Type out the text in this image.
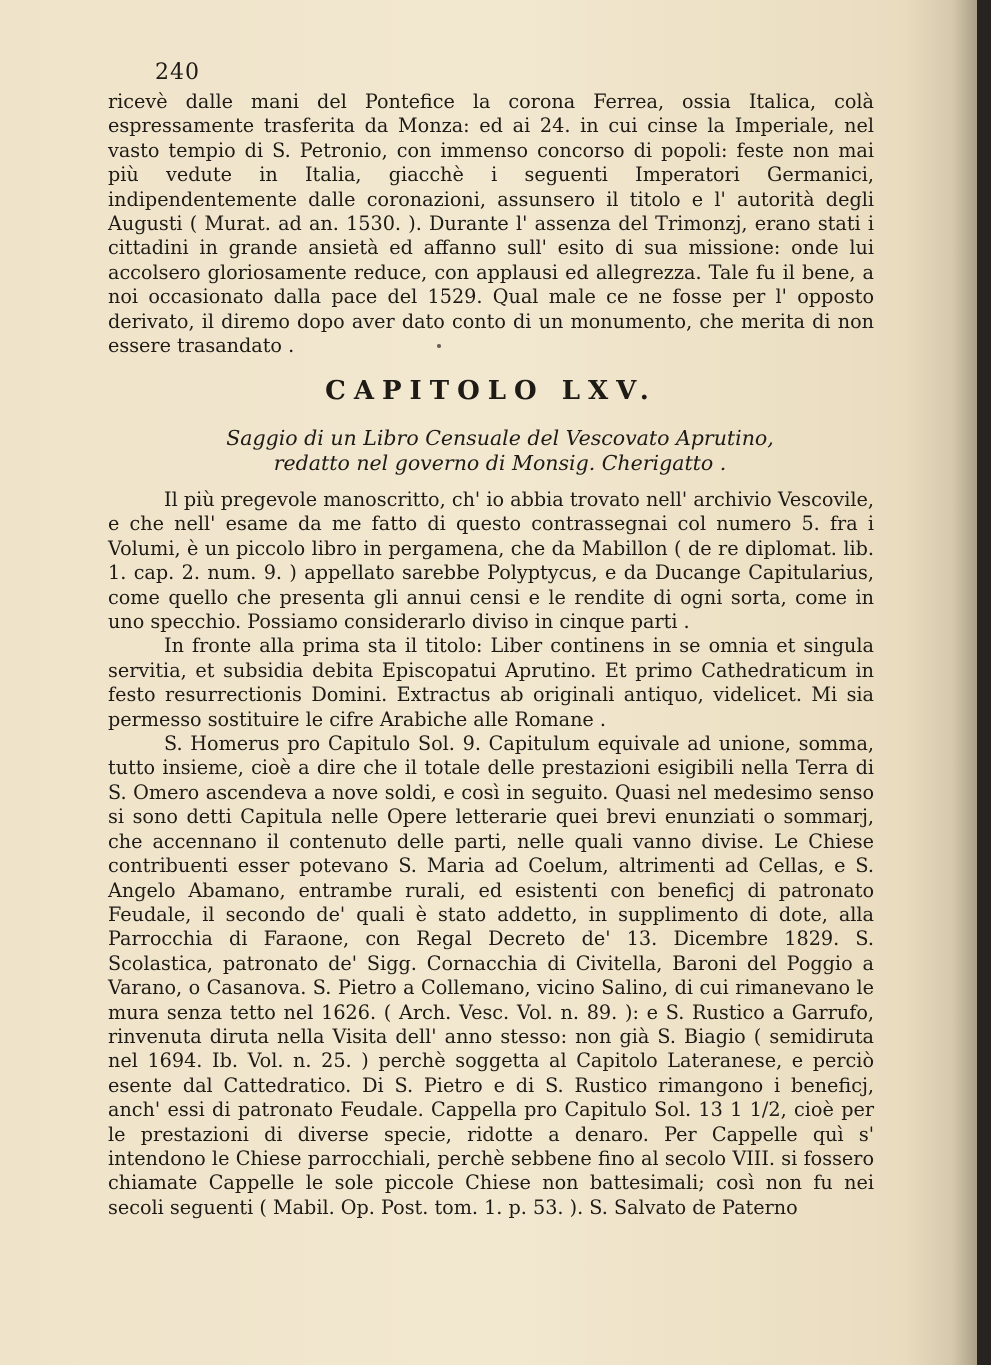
240

ricevè dalle mani del Pontefice la corona Ferrea, ossia Italica, colà espressamente trasferita da Monza: ed ai 24. in cui cinse la Imperiale, nel vasto tempio di S. Petronio, con immenso concorso di popoli: feste non mai più vedute in Italia, giacchè i seguenti Imperatori Germanici, indipendentemente dalle coronazioni, assunsero il titolo e l' autorità degli Augusti ( Murat. ad an. 1530. ). Durante l' assenza del Trimonzj, erano stati i cittadini in grande ansietà ed affanno sull' esito di sua missione: onde lui accolsero gloriosamente reduce, con applausi ed allegrezza. Tale fu il bene, a noi occasionato dalla pace del 1529. Qual male ce ne fosse per l' opposto derivato, il diremo dopo aver dato conto di un monumento, che merita di non essere trasandato .

CAPITOLO LXV.
Saggio di un Libro Censuale del Vescovato Aprutino,
redatto nel governo di Monsig. Cherigatto .

Il più pregevole manoscritto, ch' io abbia trovato nell' archivio Vescovile, e che nell' esame da me fatto di questo contrassegnai col numero 5. fra i Volumi, è un piccolo libro in pergamena, che da Mabillon ( de re diplomat. lib. 1. cap. 2. num. 9. ) appellato sarebbe Polyptycus, e da Ducange Capitularius, come quello che presenta gli annui censi e le rendite di ogni sorta, come in uno specchio. Possiamo considerarlo diviso in cinque parti .

In fronte alla prima sta il titolo: Liber continens in se omnia et singula servitia, et subsidia debita Episcopatui Aprutino. Et primo Cathedraticum in festo resurrectionis Domini. Extractus ab originali antiquo, videlicet. Mi sia permesso sostituire le cifre Arabiche alle Romane .

S. Homerus pro Capitulo Sol. 9. Capitulum equivale ad unione, somma, tutto insieme, cioè a dire che il totale delle prestazioni esigibili nella Terra di S. Omero ascendeva a nove soldi, e così in seguito. Quasi nel medesimo senso si sono detti Capitula nelle Opere letterarie quei brevi enunziati o sommarj, che accennano il contenuto delle parti, nelle quali vanno divise. Le Chiese contribuenti esser potevano S. Maria ad Coelum, altrimenti ad Cellas, e S. Angelo Abamano, entrambe rurali, ed esistenti con beneficj di patronato Feudale, il secondo de' quali è stato addetto, in supplimento di dote, alla Parrocchia di Faraone, con Regal Decreto de' 13. Dicembre 1829. S. Scolastica, patronato de' Sigg. Cornacchia di Civitella, Baroni del Poggio a Varano, o Casanova. S. Pietro a Collemano, vicino Salino, di cui rimanevano le mura senza tetto nel 1626. ( Arch. Vesc. Vol. n. 89. ): e S. Rustico a Garrufo, rinvenuta diruta nella Visita dell' anno stesso: non già S. Biagio ( semidiruta nel 1694. Ib. Vol. n. 25. ) perchè soggetta al Capitolo Lateranese, e perciò esente dal Cattedratico. Di S. Pietro e di S. Rustico rimangono i beneficj, anch' essi di patronato Feudale. Cappella pro Capitulo Sol. 13 1 1/2, cioè per le prestazioni di diverse specie, ridotte a denaro. Per Cappelle quì s' intendono le Chiese parrocchiali, perchè sebbene fino al secolo VIII. si fossero chiamate Cappelle le sole piccole Chiese non battesimali; così non fu nei secoli seguenti ( Mabil. Op. Post. tom. 1. p. 53. ). S. Salvato de Paterno
